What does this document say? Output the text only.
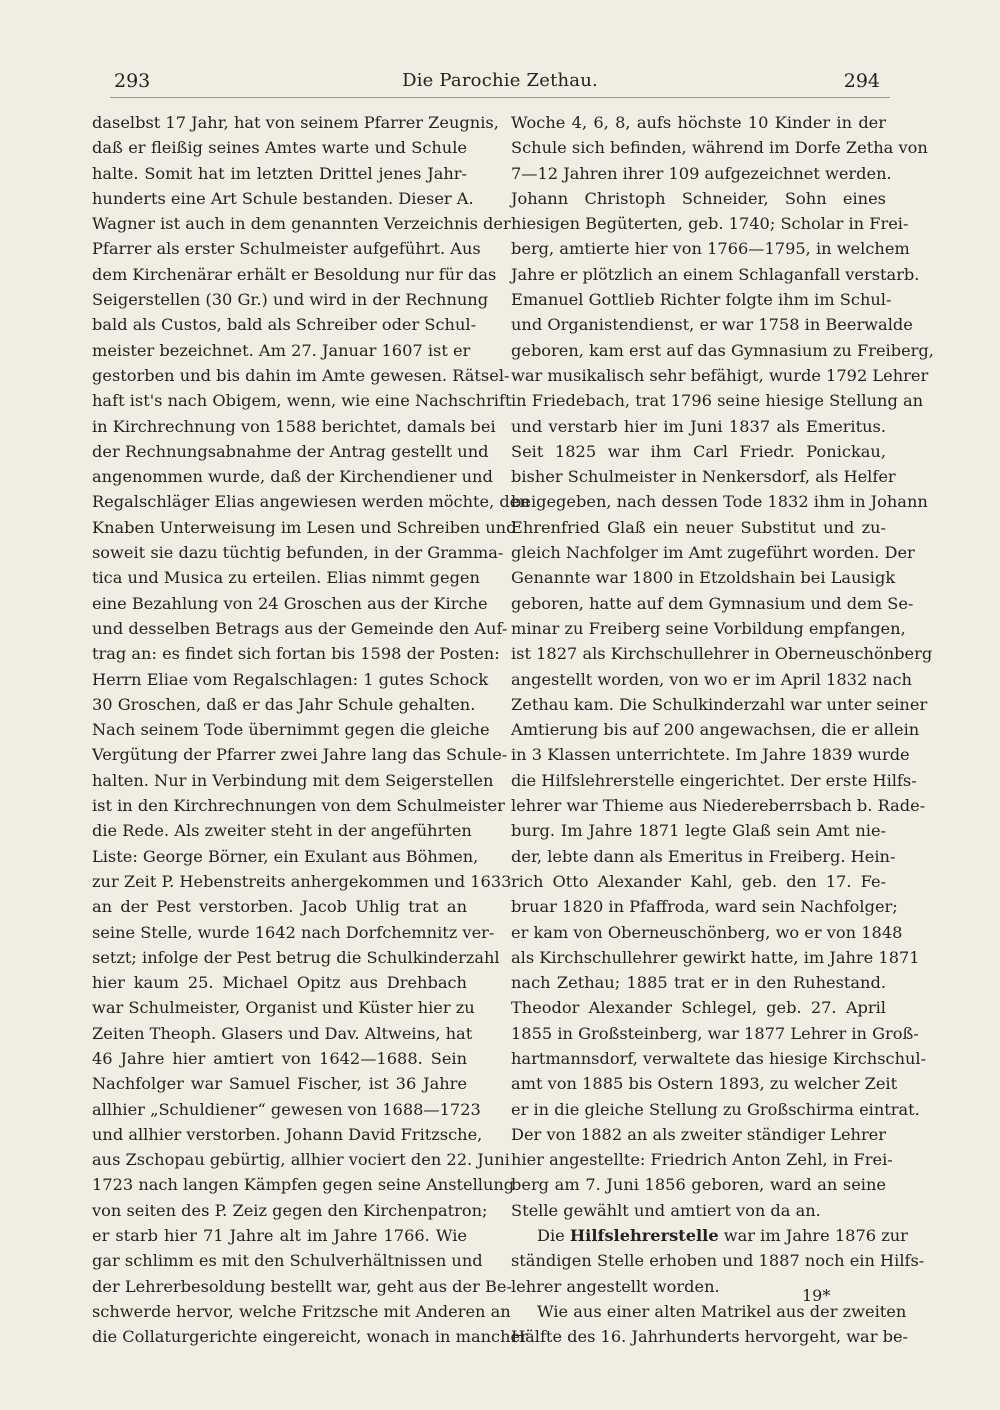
293	Die Parochie Zethau.	294
daselbst 17 Jahr, hat von seinem Pfarrer Zeugnis,
daß er fleißig seines Amtes warte und Schule
halte. Somit hat im letzten Drittel jenes Jahr-
hunderts eine Art Schule bestanden. Dieser A.
Wagner ist auch in dem genannten Verzeichnis der
Pfarrer als erster Schulmeister aufgeführt. Aus
dem Kirchenärar erhält er Besoldung nur für das
Seigerstellen (30 Gr.) und wird in der Rechnung
bald als Custos, bald als Schreiber oder Schul-
meister bezeichnet. Am 27. Januar 1607 ist er
gestorben und bis dahin im Amte gewesen. Rätsel-
haft ist's nach Obigem, wenn, wie eine Nachschrift
in Kirchrechnung von 1588 berichtet, damals bei
der Rechnungsabnahme der Antrag gestellt und
angenommen wurde, daß der Kirchendiener und
Regalschläger Elias angewiesen werden möchte, den
Knaben Unterweisung im Lesen und Schreiben und
soweit sie dazu tüchtig befunden, in der Gramma-
tica und Musica zu erteilen. Elias nimmt gegen
eine Bezahlung von 24 Groschen aus der Kirche
und desselben Betrags aus der Gemeinde den Auf-
trag an: es findet sich fortan bis 1598 der Posten:
Herrn Eliae vom Regalschlagen: 1 gutes Schock
30 Groschen, daß er das Jahr Schule gehalten.
Nach seinem Tode übernimmt gegen die gleiche
Vergütung der Pfarrer zwei Jahre lang das Schule-
halten. Nur in Verbindung mit dem Seigerstellen
ist in den Kirchrechnungen von dem Schulmeister
die Rede. Als zweiter steht in der angeführten
Liste: George Börner, ein Exulant aus Böhmen,
zur Zeit P. Hebenstreits anhergekommen und 1633
an der Pest verstorben. Jacob Uhlig trat an
seine Stelle, wurde 1642 nach Dorfchemnitz ver-
setzt; infolge der Pest betrug die Schulkinderzahl
hier kaum 25. Michael Opitz aus Drehbach
war Schulmeister, Organist und Küster hier zu
Zeiten Theoph. Glasers und Dav. Altweins, hat
46 Jahre hier amtiert von 1642—1688. Sein
Nachfolger war Samuel Fischer, ist 36 Jahre
allhier „Schuldiener“ gewesen von 1688—1723
und allhier verstorben. Johann David Fritzsche,
aus Zschopau gebürtig, allhier vociert den 22. Juni
1723 nach langen Kämpfen gegen seine Anstellung
von seiten des P. Zeiz gegen den Kirchenpatron;
er starb hier 71 Jahre alt im Jahre 1766. Wie
gar schlimm es mit den Schulverhältnissen und
der Lehrerbesoldung bestellt war, geht aus der Be-
schwerde hervor, welche Fritzsche mit Anderen an
die Collaturgerichte eingereicht, wonach in mancher
Woche 4, 6, 8, aufs höchste 10 Kinder in der
Schule sich befinden, während im Dorfe Zetha von
7—12 Jahren ihrer 109 aufgezeichnet werden.
Johann Christoph Schneider, Sohn eines
hiesigen Begüterten, geb. 1740; Scholar in Frei-
berg, amtierte hier von 1766—1795, in welchem
Jahre er plötzlich an einem Schlaganfall verstarb.
Emanuel Gottlieb Richter folgte ihm im Schul-
und Organistendienst, er war 1758 in Beerwalde
geboren, kam erst auf das Gymnasium zu Freiberg,
war musikalisch sehr befähigt, wurde 1792 Lehrer
in Friedebach, trat 1796 seine hiesige Stellung an
und verstarb hier im Juni 1837 als Emeritus.
Seit 1825 war ihm Carl Friedr. Ponickau,
bisher Schulmeister in Nenkersdorf, als Helfer
beigegeben, nach dessen Tode 1832 ihm in Johann
Ehrenfried Glaß ein neuer Substitut und zu-
gleich Nachfolger im Amt zugeführt worden. Der
Genannte war 1800 in Etzoldshain bei Lausigk
geboren, hatte auf dem Gymnasium und dem Se-
minar zu Freiberg seine Vorbildung empfangen,
ist 1827 als Kirchschullehrer in Oberneuschönberg
angestellt worden, von wo er im April 1832 nach
Zethau kam. Die Schulkinderzahl war unter seiner
Amtierung bis auf 200 angewachsen, die er allein
in 3 Klassen unterrichtete. Im Jahre 1839 wurde
die Hilfslehrerstelle eingerichtet. Der erste Hilfs-
lehrer war Thieme aus Niedereberrsbach b. Rade-
burg. Im Jahre 1871 legte Glaß sein Amt nie-
der, lebte dann als Emeritus in Freiberg. Hein-
rich Otto Alexander Kahl, geb. den 17. Fe-
bruar 1820 in Pfaffroda, ward sein Nachfolger;
er kam von Oberneuschönberg, wo er von 1848
als Kirchschullehrer gewirkt hatte, im Jahre 1871
nach Zethau; 1885 trat er in den Ruhestand.
Theodor Alexander Schlegel, geb. 27. April
1855 in Großsteinberg, war 1877 Lehrer in Groß-
hartmannsdorf, verwaltete das hiesige Kirchschul-
amt von 1885 bis Ostern 1893, zu welcher Zeit
er in die gleiche Stellung zu Großschirma eintrat.
Der von 1882 an als zweiter ständiger Lehrer
hier angestellte: Friedrich Anton Zehl, in Frei-
berg am 7. Juni 1856 geboren, ward an seine
Stelle gewählt und amtiert von da an.
Die Hilfslehrerstelle war im Jahre 1876 zur
ständigen Stelle erhoben und 1887 noch ein Hilfs-
lehrer angestellt worden.
Wie aus einer alten Matrikel aus der zweiten
Hälfte des 16. Jahrhunderts hervorgeht, war be-
19*
